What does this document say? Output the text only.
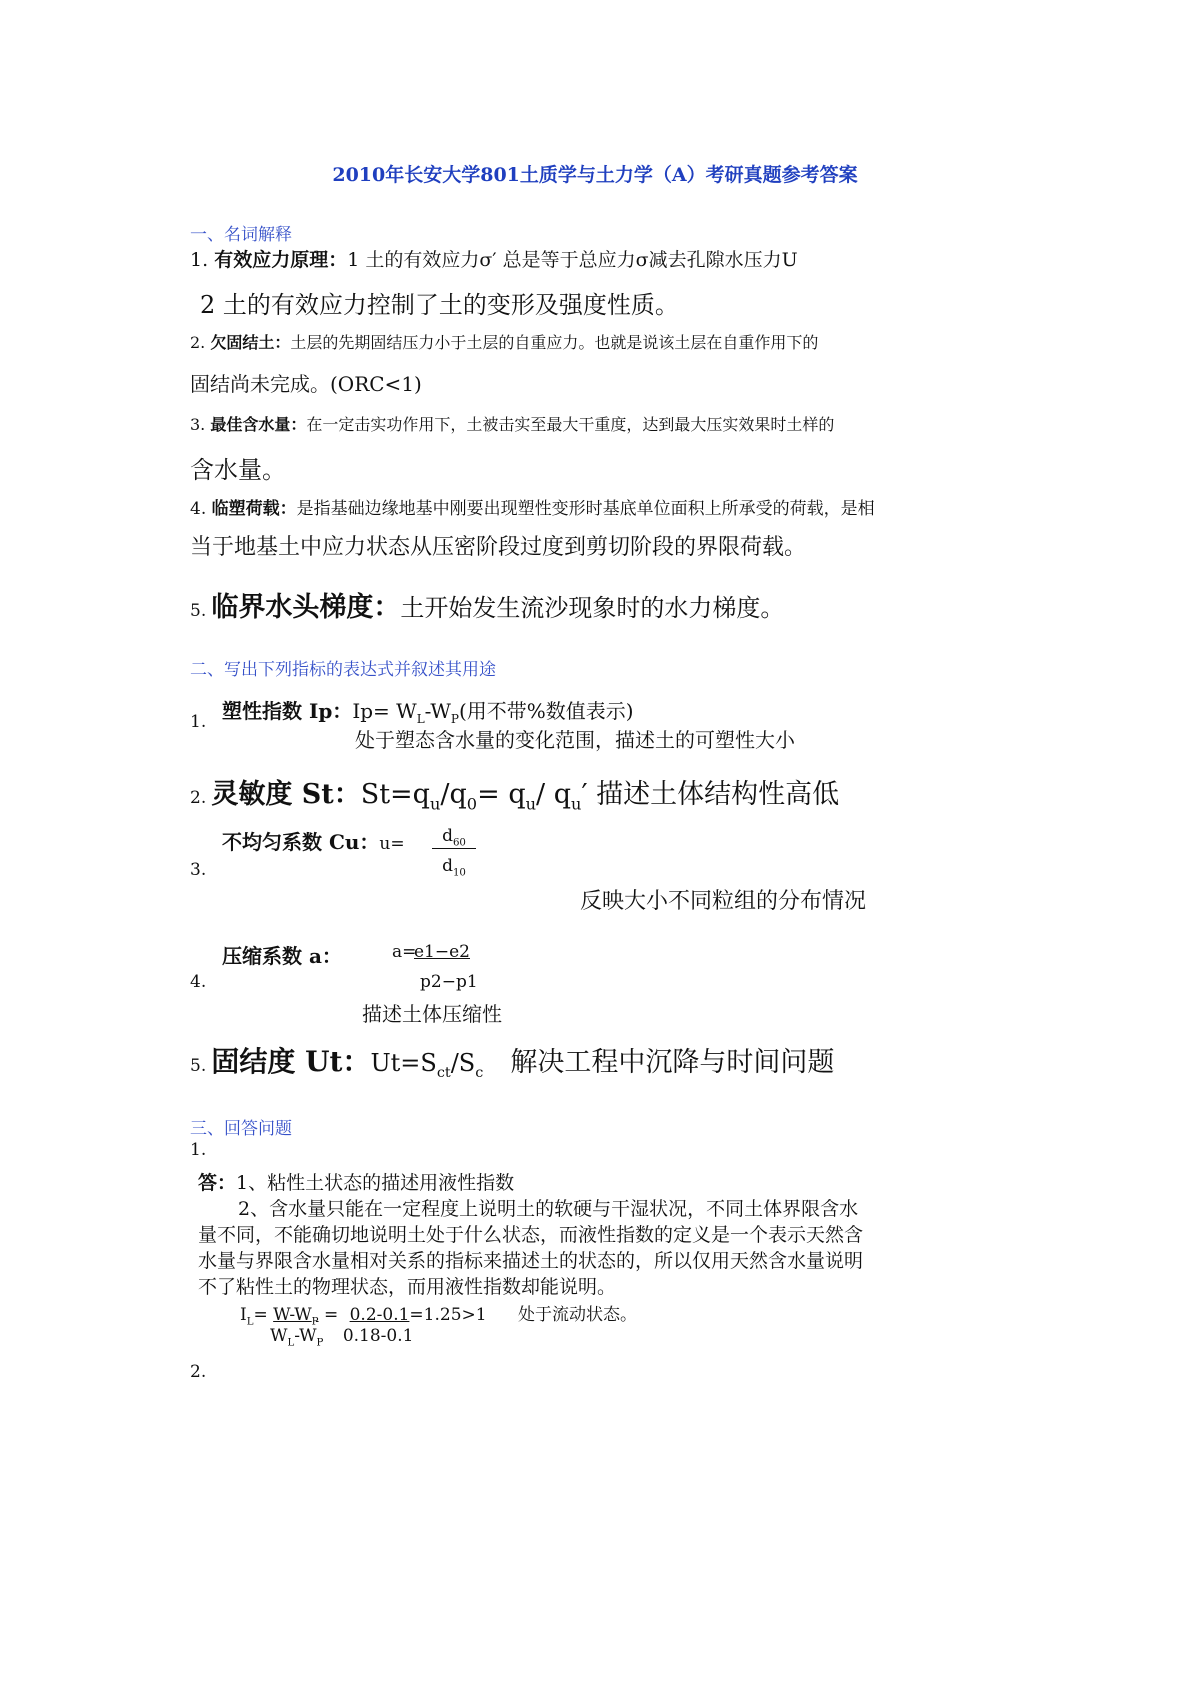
2010年长安大学801土质学与土力学（A）考研真题参考答案
一、名词解释
1. 有效应力原理：1 土的有效应力σ′ 总是等于总应力σ减去孔隙水压力U
2 土的有效应力控制了土的变形及强度性质。
2. 欠固结土：土层的先期固结压力小于土层的自重应力。也就是说该土层在自重作用下的
固结尚未完成。(ORC<1)
3. 最佳含水量：在一定击实功作用下，土被击实至最大干重度，达到最大压实效果时土样的
含水量。
4. 临塑荷载：是指基础边缘地基中刚要出现塑性变形时基底单位面积上所承受的荷载，是相
当于地基土中应力状态从压密阶段过度到剪切阶段的界限荷载。
5. 临界水头梯度：土开始发生流沙现象时的水力梯度。
二、写出下列指标的表达式并叙述其用途
1. 塑性指数 Ip：$Ip= W_L-W_P$(用不带%数值表示)
处于塑态含水量的变化范围，描述土的可塑性大小
2. 灵敏度 St：$St=q_u/q_0= q_u/$ $q_u'$ 描述土体结构性高低
不均匀系数 Cu：u=	$d_{60}$
$d_{10}$
3.
反映大小不同粒组的分布情况
压缩系数 a：	a=
e1−e2
p2−p1
4.
描述土体压缩性
5. 固结度 Ut：$Ut=S_{ct}/S_c$ 解决工程中沉降与时间问题
三、回答问题
1.
答：1、粘性土状态的描述用液性指数
2、含水量只能在一定程度上说明土的软硬与干湿状况，不同土体界限含水
量不同，不能确切地说明土处于什么状态，而液性指数的定义是一个表示天然含
水量与界限含水量相对关系的指标来描述土的状态的，所以仅用天然含水量说明
不了粘性土的物理状态，而用液性指数却能说明。
$I_L= W-W_P = 0.2-0.1=1.25>1$ 处于流动状态。
$W_L-W_P$ 0.18-0.1
2.
